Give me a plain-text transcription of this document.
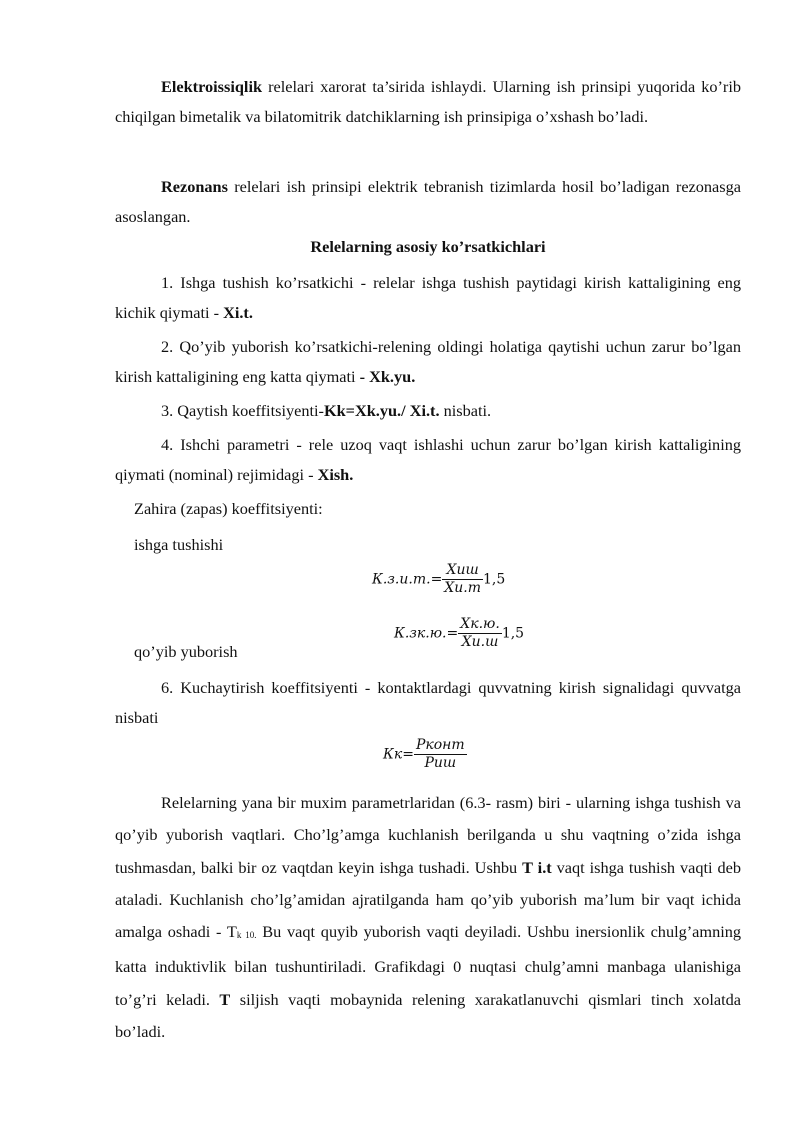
Elektroissiqlik relelari xarorat ta’sirida ishlaydi. Ularning ish prinsipi yuqorida ko’rib chiqilgan bimetalik va bilatomitrik datchiklarning ish prinsipiga o’xshash bo’ladi.

Rezonans relelari ish prinsipi elektrik tebranish tizimlarda hosil bo’ladigan rezonasga asoslangan.

Relelarning asosiy ko’rsatkichlari

1. Ishga tushish ko’rsatkichi - relelar ishga tushish paytidagi kirish kattaligining eng kichik qiymati - Xi.t.

2. Qo’yib yuborish ko’rsatkichi-relening oldingi holatiga qaytishi uchun zarur bo’lgan kirish kattaligining eng katta qiymati - Xk.yu.

3. Qaytish koeffitsiyenti-Kk=Xk.yu./ Xi.t. nisbati.

4. Ishchi parametri - rele uzoq vaqt ishlashi uchun zarur bo’lgan kirish kattaligining qiymati (nominal) rejimidagi - Xish.

Zahira (zapas) koeffitsiyenti:

ishga tushishi

$К.з.и.т.= \frac{\text{Хиш}}{Хи.т} 1,5$
$К.зк.ю.= \frac{Хк.ю.}{Хи.ш} 1,5$

qo’yib yuborish

6. Kuchaytirish koeffitsiyenti - kontaktlardagi quvvatning kirish signalidagi quvvatga nisbati

$Кк= \frac{\text{Рконт}}{\text{Риш}}$

Relelarning yana bir muxim parametrlaridan (6.3- rasm) biri - ularning ishga tushish va qo’yib yuborish vaqtlari. Cho’lg’amga kuchlanish berilganda u shu vaqtning o’zida ishga tushmasdan, balki bir oz vaqtdan keyin ishga tushadi. Ushbu T i.t vaqt ishga tushish vaqti deb ataladi. Kuchlanish cho’lg’amidan ajratilganda ham qo’yib yuborish ma’lum bir vaqt ichida amalga oshadi - Tk 10. Bu vaqt quyib yuborish vaqti deyiladi. Ushbu inersionlik chulg’amning katta induktivlik bilan tushuntiriladi. Grafikdagi 0 nuqtasi chulg’amni manbaga ulanishiga to’g’ri keladi. T siljish vaqti mobaynida relening xarakatlanuvchi qismlari tinch xolatda bo’ladi.
